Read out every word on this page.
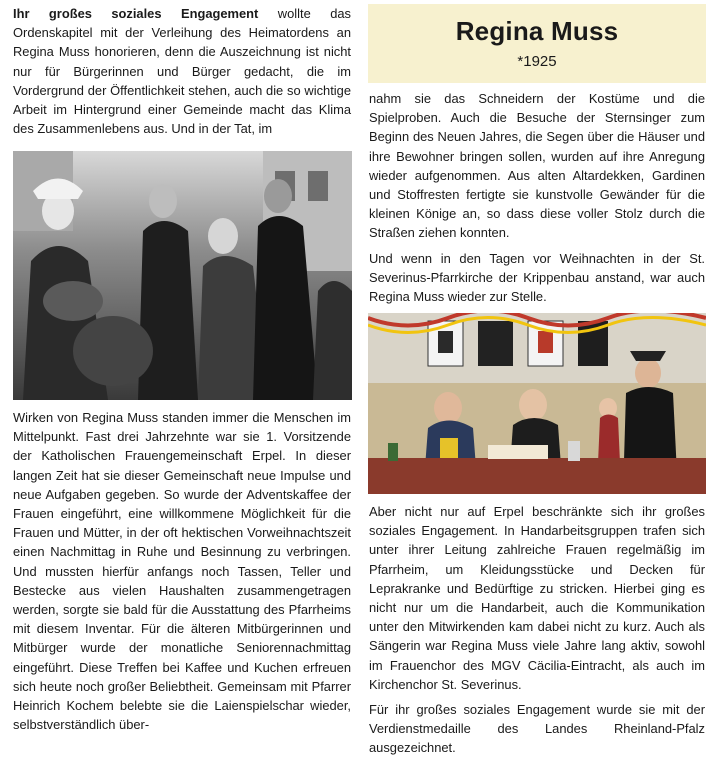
Ihr großes soziales Engagement wollte das Ordenskapitel mit der Verleihung des Heimatordens an Regina Muss honorieren, denn die Auszeichnung ist nicht nur für Bürgerinnen und Bürger gedacht, die im Vordergrund der Öffentlichkeit stehen, auch die so wichtige Arbeit im Hintergrund einer Gemeinde macht das Klima des Zusammenlebens aus. Und in der Tat, im

Wirken von Regina Muss standen immer die Menschen im Mittelpunkt. Fast drei Jahrzehnte war sie 1. Vorsitzende der Katholischen Frauengemeinschaft Erpel. In dieser langen Zeit hat sie dieser Gemeinschaft neue Impulse und neue Aufgaben gegeben. So wurde der Adventskaffee der Frauen eingeführt, eine willkommene Möglichkeit für die Frauen und Mütter, in der oft hektischen Vorweihnachtszeit einen Nachmittag in Ruhe und Besinnung zu verbringen. Und mussten hierfür anfangs noch Tassen, Teller und Bestecke aus vielen Haushalten zusammengetragen werden, sorgte sie bald für die Ausstattung des Pfarrheims mit diesem Inventar. Für die älteren Mitbürgerinnen und Mitbürger wurde der monatliche Seniorennachmittag eingeführt. Diese Treffen bei Kaffee und Kuchen erfreuen sich heute noch großer Beliebtheit. Gemeinsam mit Pfarrer Heinrich Kochem belebte sie die Laienspielschar wieder, selbstverständlich über-

Regina Muss
*1925

nahm sie das Schneidern der Kostüme und die Spielproben. Auch die Besuche der Sternsinger zum Beginn des Neuen Jahres, die Segen über die Häuser und ihre Bewohner bringen sollen, wurden auf ihre Anregung wieder aufgenommen. Aus alten Altardekken, Gardinen und Stoffresten fertigte sie kunstvolle Gewänder für die kleinen Könige an, so dass diese voller Stolz durch die Straßen ziehen konnten.

Und wenn in den Tagen vor Weihnachten in der St. Severinus-Pfarrkirche der Krippenbau anstand, war auch Regina Muss wieder zur Stelle.

Aber nicht nur auf Erpel beschränkte sich ihr großes soziales Engagement. In Handarbeitsgruppen trafen sich unter ihrer Leitung zahlreiche Frauen regelmäßig im Pfarrheim, um Kleidungsstücke und Decken für Leprakranke und Bedürftige zu stricken. Hierbei ging es nicht nur um die Handarbeit, auch die Kommunikation unter den Mitwirkenden kam dabei nicht zu kurz. Auch als Sängerin war Regina Muss viele Jahre lang aktiv, sowohl im Frauenchor des MGV Cäcilia-Eintracht, als auch im Kirchenchor St. Severinus.

Für ihr großes soziales Engagement wurde sie mit der Verdienstmedaille des Landes Rheinland-Pfalz ausgezeichnet.
